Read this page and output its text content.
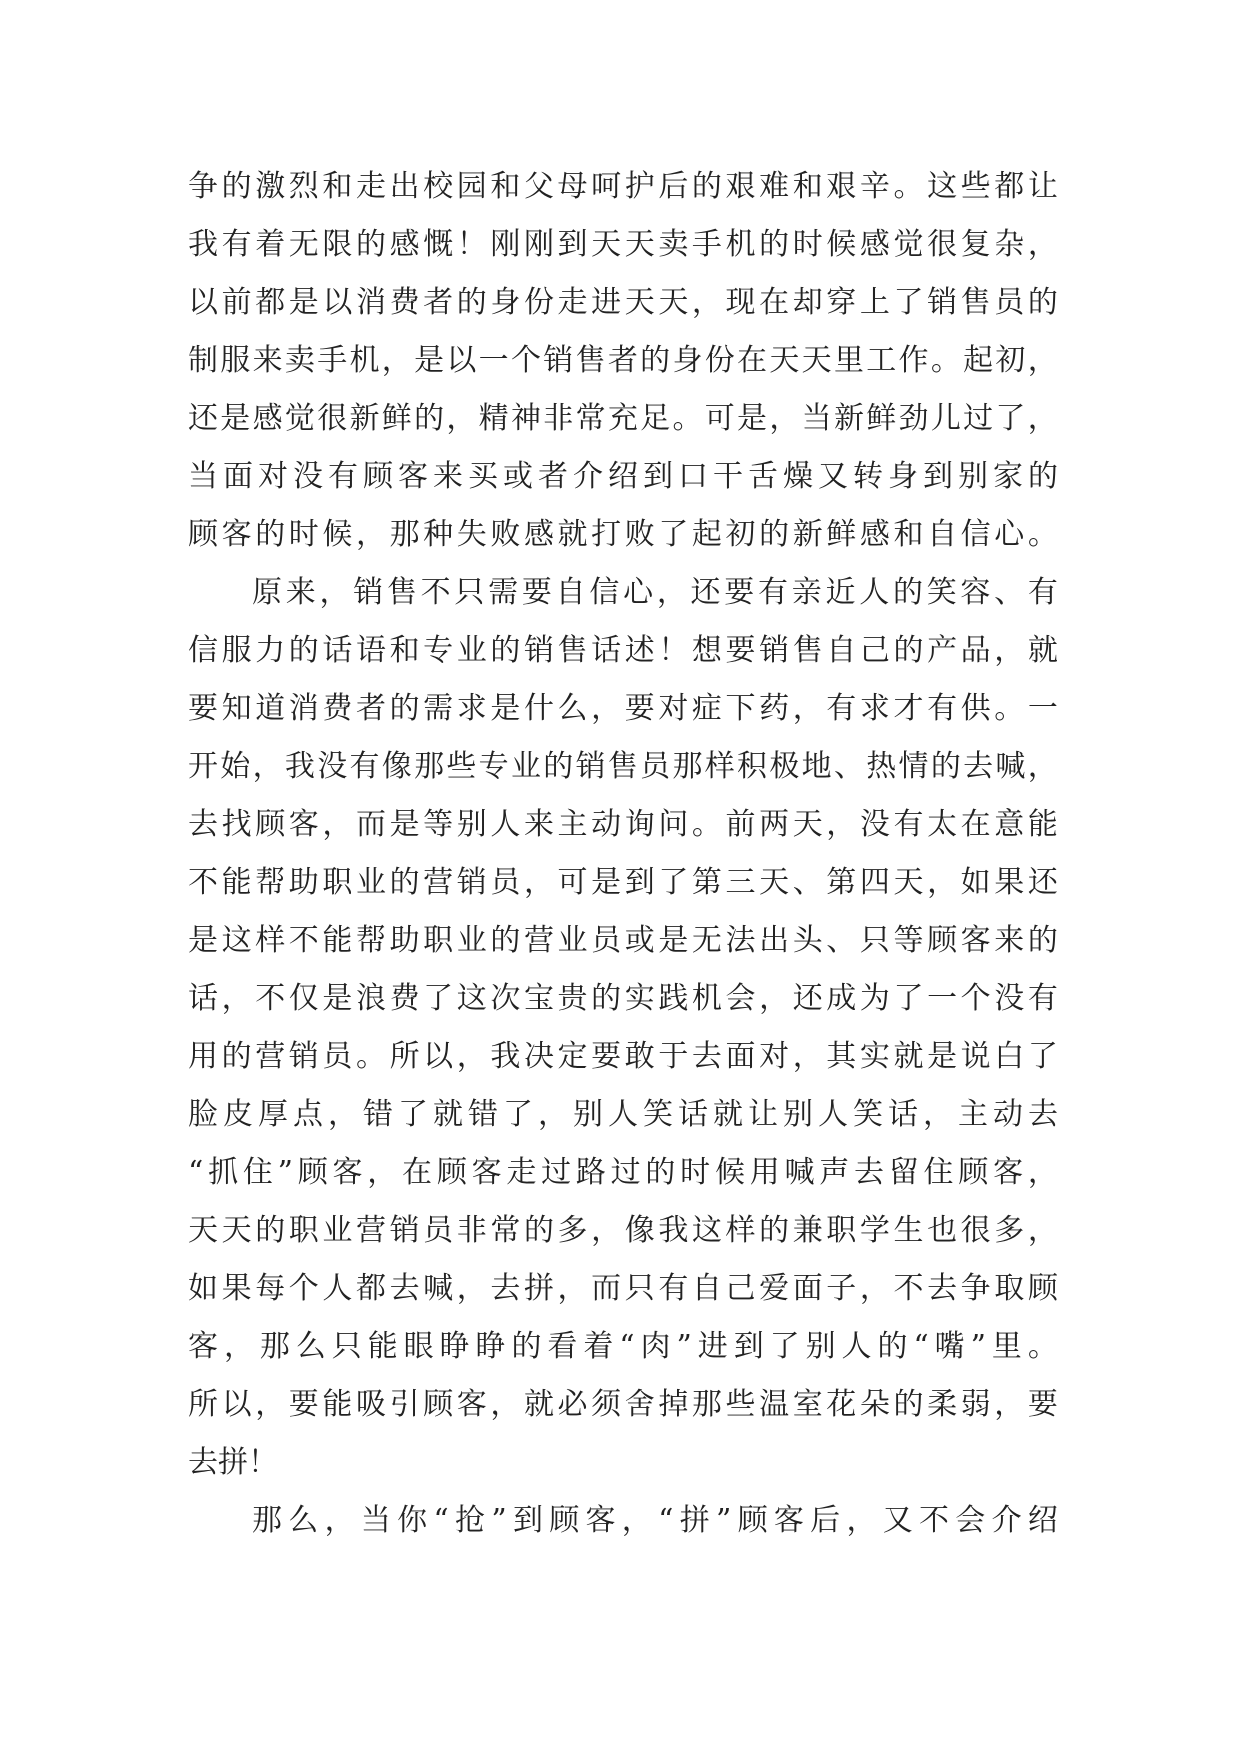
争 的 激 烈 和 走 出 校 园 和 父 母 呵 护 后 的 艰 难 和 艰 辛 。 这 些 都 让
我 有 着 无 限 的 感 慨 ！ 刚 刚 到 天 天 卖 手 机 的 时 候 感 觉 很 复 杂 ，
以 前 都 是 以 消 费 者 的 身 份 走 进 天 天 ， 现 在 却 穿 上 了 销 售 员 的
制 服 来 卖 手 机 ， 是 以 一 个 销 售 者 的 身 份 在 天 天 里 工 作 。 起 初 ，
还 是 感 觉 很 新 鲜 的 ， 精 神 非 常 充 足 。 可 是 ， 当 新 鲜 劲 儿 过 了 ，
当 面 对 没 有 顾 客 来 买 或 者 介 绍 到 口 干 舌 燥 又 转 身 到 别 家 的
顾 客 的 时 候 ， 那 种 失 败 感 就 打 败 了 起 初 的 新 鲜 感 和 自 信 心 。
原 来 ， 销 售 不 只 需 要 自 信 心 ， 还 要 有 亲 近 人 的 笑 容 、 有
信 服 力 的 话 语 和 专 业 的 销 售 话 述 ！ 想 要 销 售 自 己 的 产 品 ， 就
要 知 道 消 费 者 的 需 求 是 什 么 ， 要 对 症 下 药 ， 有 求 才 有 供 。 一
开 始 ， 我 没 有 像 那 些 专 业 的 销 售 员 那 样 积 极 地 、 热 情 的 去 喊 ，
去 找 顾 客 ， 而 是 等 别 人 来 主 动 询 问 。 前 两 天 ， 没 有 太 在 意 能
不 能 帮 助 职 业 的 营 销 员 ， 可 是 到 了 第 三 天 、 第 四 天 ， 如 果 还
是 这 样 不 能 帮 助 职 业 的 营 业 员 或 是 无 法 出 头 、 只 等 顾 客 来 的
话 ， 不 仅 是 浪 费 了 这 次 宝 贵 的 实 践 机 会 ， 还 成 为 了 一 个 没 有
用 的 营 销 员 。 所 以 ， 我 决 定 要 敢 于 去 面 对 ， 其 实 就 是 说 白 了
脸 皮 厚 点 ， 错 了 就 错 了 ， 别 人 笑 话 就 让 别 人 笑 话 ， 主 动 去
“ 抓 住 ” 顾 客 ， 在 顾 客 走 过 路 过 的 时 候 用 喊 声 去 留 住 顾 客 ，
天 天 的 职 业 营 销 员 非 常 的 多 ， 像 我 这 样 的 兼 职 学 生 也 很 多 ，
如 果 每 个 人 都 去 喊 ， 去 拼 ， 而 只 有 自 己 爱 面 子 ， 不 去 争 取 顾
客 ， 那 么 只 能 眼 睁 睁 的 看 着 “ 肉 ” 进 到 了 别 人 的 “ 嘴 ” 里 。
所 以 ， 要 能 吸 引 顾 客 ， 就 必 须 舍 掉 那 些 温 室 花 朵 的 柔 弱 ， 要
去 拼 ！
那 么 ， 当 你 “ 抢 ” 到 顾 客 ， “ 拼 ” 顾 客 后 ， 又 不 会 介 绍
